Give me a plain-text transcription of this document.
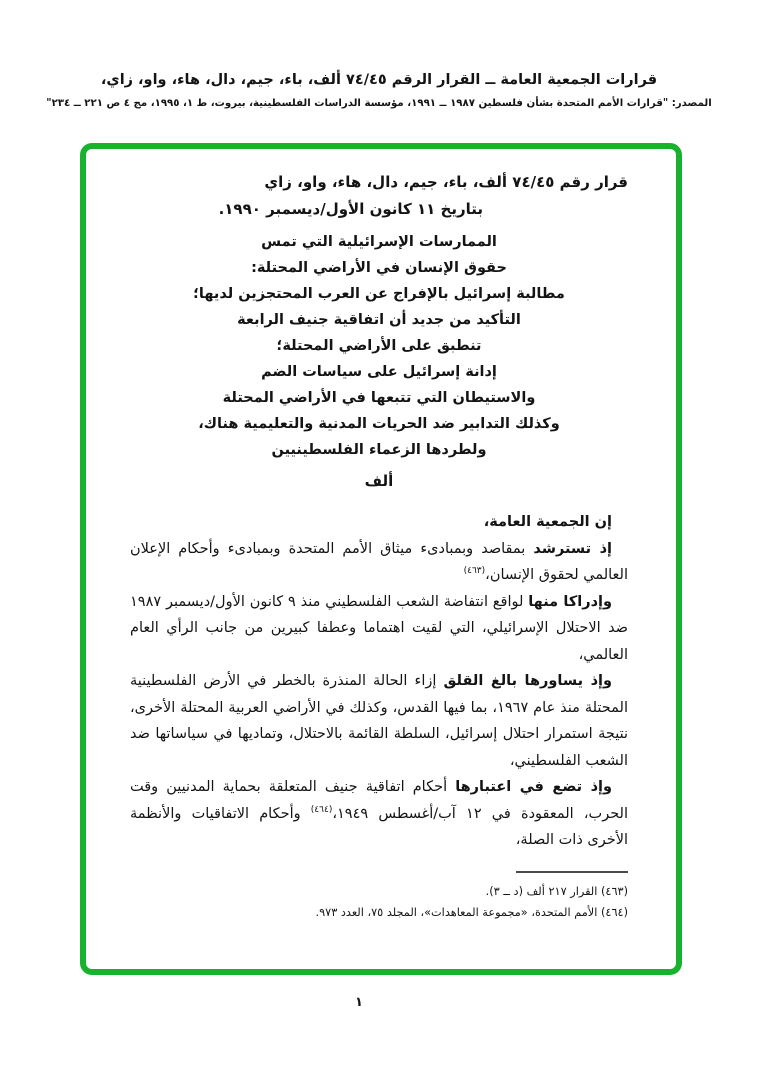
قرارات الجمعية العامة ــ القرار الرقم ٧٤/٤٥ ألف، باء، جيم، دال، هاء، واو، زاي،
المصدر: "قرارات الأمم المتحدة بشأن فلسطين ١٩٨٧ ــ ١٩٩١، مؤسسة الدراسات الفلسطينية، بيروت، ط ١، ١٩٩٥، مج ٤ ص ٢٢١ ــ ٢٣٤"
قرار رقم ٧٤/٤٥ ألف، باء، جيم، دال، هاء، واو، زاي
بتاريخ ١١ كانون الأول/ديسمبر ١٩٩٠.
الممارسات الإسرائيلية التي تمس
حقوق الإنسان في الأراضي المحتلة:
مطالبة إسرائيل بالإفراج عن العرب المحتجزين لديها؛
التأكيد من جديد أن اتفاقية جنيف الرابعة
تنطبق على الأراضي المحتلة؛
إدانة إسرائيل على سياسات الضم
والاستيطان التي تتبعها في الأراضي المحتلة
وكذلك التدابير ضد الحريات المدنية والتعليمية هناك،
ولطردها الزعماء الفلسطينيين
ألف

إن الجمعية العامة،

إذ تسترشد بمقاصد وبمبادىء ميثاق الأمم المتحدة وبمبادىء وأحكام الإعلان العالمي لحقوق الإنسان،$^{(٤٦٣)}$

وإدراكا منها لواقع انتفاضة الشعب الفلسطيني منذ ٩ كانون الأول/ديسمبر ١٩٨٧ ضد الاحتلال الإسرائيلي، التي لقيت اهتماما وعطفا كبيرين من جانب الرأي العام العالمي،

وإذ يساورها بالغ القلق إزاء الحالة المنذرة بالخطر في الأرض الفلسطينية المحتلة منذ عام ١٩٦٧، بما فيها القدس، وكذلك في الأراضي العربية المحتلة الأخرى، نتيجة استمرار احتلال إسرائيل، السلطة القائمة بالاحتلال، وتماديها في سياساتها ضد الشعب الفلسطيني،

وإذ تضع في اعتبارها أحكام اتفاقية جنيف المتعلقة بحماية المدنيين وقت الحرب، المعقودة في ١٢ آب/أغسطس ١٩٤٩،$^{(٤٦٤)}$ وأحكام الاتفاقيات والأنظمة الأخرى ذات الصلة،

(٤٦٣) القرار ٢١٧ ألف (د ــ ٣).
(٤٦٤) الأمم المتحدة، «مجموعة المعاهدات»، المجلد ٧٥، العدد ٩٧٣.
١
